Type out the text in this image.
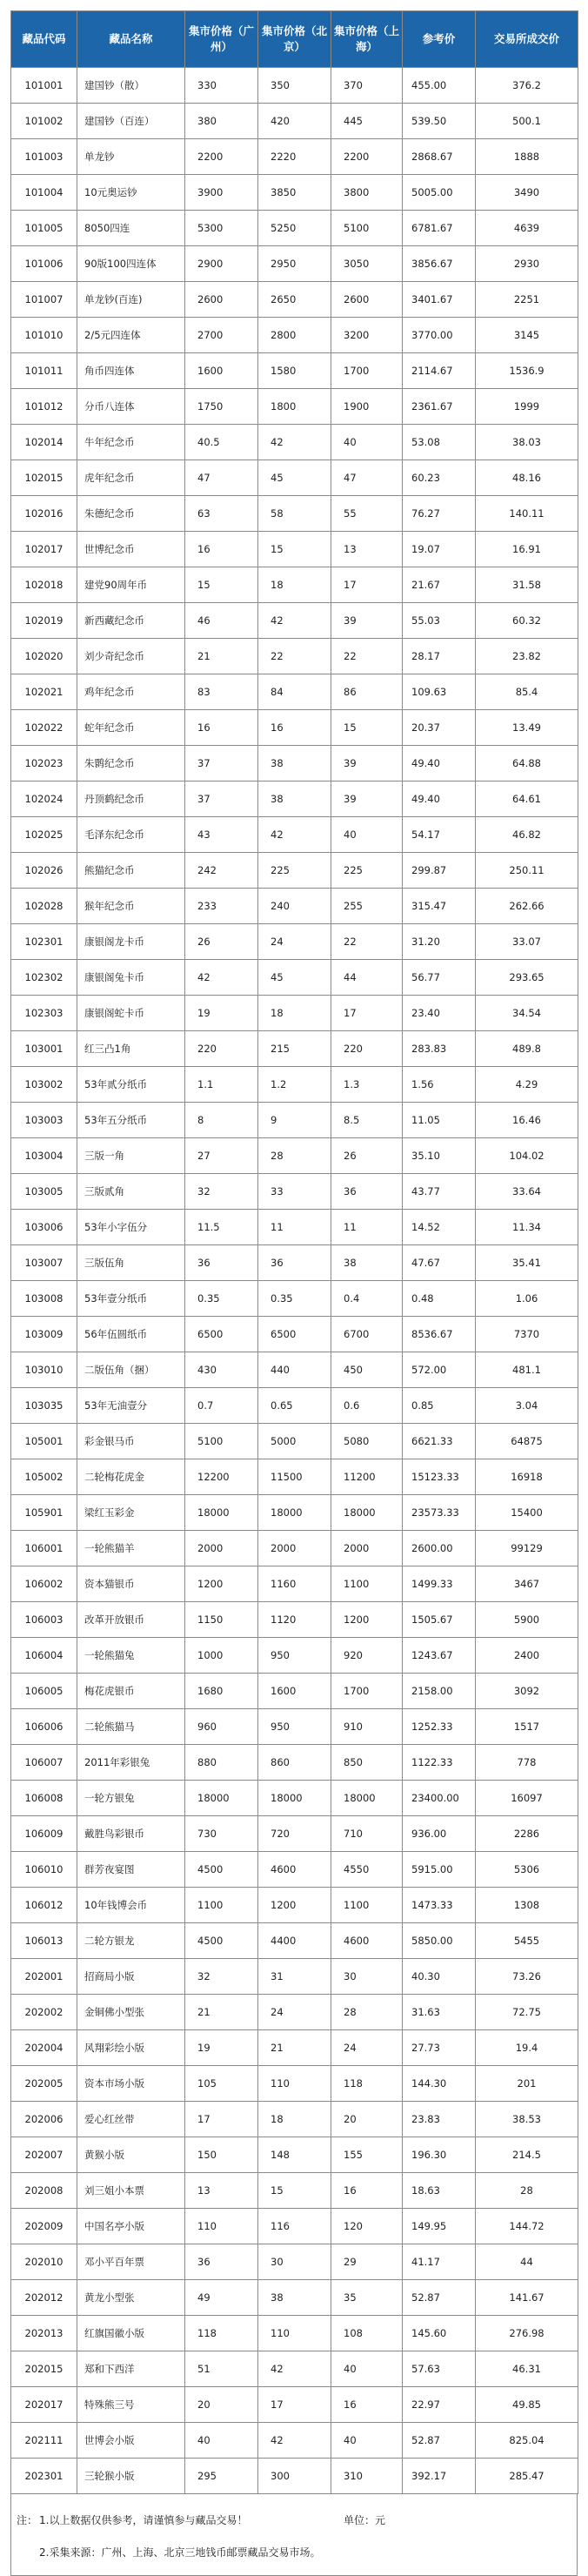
藏品代码	藏品名称	集市价格（广州）	集市价格（北京）	集市价格（上海）	参考价	交易所成交价
101001	建国钞（散）	330	350	370	455.00	376.2
101002	建国钞（百连）	380	420	445	539.50	500.1
101003	单龙钞	2200	2220	2200	2868.67	1888
101004	10元奥运钞	3900	3850	3800	5005.00	3490
101005	8050四连	5300	5250	5100	6781.67	4639
101006	90版100四连体	2900	2950	3050	3856.67	2930
101007	单龙钞(百连)	2600	2650	2600	3401.67	2251
101010	2/5元四连体	2700	2800	3200	3770.00	3145
101011	角币四连体	1600	1580	1700	2114.67	1536.9
101012	分币八连体	1750	1800	1900	2361.67	1999
102014	牛年纪念币	40.5	42	40	53.08	38.03
102015	虎年纪念币	47	45	47	60.23	48.16
102016	朱德纪念币	63	58	55	76.27	140.11
102017	世博纪念币	16	15	13	19.07	16.91
102018	建党90周年币	15	18	17	21.67	31.58
102019	新西藏纪念币	46	42	39	55.03	60.32
102020	刘少奇纪念币	21	22	22	28.17	23.82
102021	鸡年纪念币	83	84	86	109.63	85.4
102022	蛇年纪念币	16	16	15	20.37	13.49
102023	朱鹮纪念币	37	38	39	49.40	64.88
102024	丹顶鹤纪念币	37	38	39	49.40	64.61
102025	毛泽东纪念币	43	42	40	54.17	46.82
102026	熊猫纪念币	242	225	225	299.87	250.11
102028	猴年纪念币	233	240	255	315.47	262.66
102301	康银阁龙卡币	26	24	22	31.20	33.07
102302	康银阁兔卡币	42	45	44	56.77	293.65
102303	康银阁蛇卡币	19	18	17	23.40	34.54
103001	红三凸1角	220	215	220	283.83	489.8
103002	53年贰分纸币	1.1	1.2	1.3	1.56	4.29
103003	53年五分纸币	8	9	8.5	11.05	16.46
103004	三版一角	27	28	26	35.10	104.02
103005	三版贰角	32	33	36	43.77	33.64
103006	53年小字伍分	11.5	11	11	14.52	11.34
103007	三版伍角	36	36	38	47.67	35.41
103008	53年壹分纸币	0.35	0.35	0.4	0.48	1.06
103009	56年伍圆纸币	6500	6500	6700	8536.67	7370
103010	二版伍角（捆）	430	440	450	572.00	481.1
103035	53年无油壹分	0.7	0.65	0.6	0.85	3.04
105001	彩金银马币	5100	5000	5080	6621.33	64875
105002	二轮梅花虎金	12200	11500	11200	15123.33	16918
105901	梁红玉彩金	18000	18000	18000	23573.33	15400
106001	一轮熊猫羊	2000	2000	2000	2600.00	99129
106002	资本猫银币	1200	1160	1100	1499.33	3467
106003	改革开放银币	1150	1120	1200	1505.67	5900
106004	一轮熊猫兔	1000	950	920	1243.67	2400
106005	梅花虎银币	1680	1600	1700	2158.00	3092
106006	二轮熊猫马	960	950	910	1252.33	1517
106007	2011年彩银兔	880	860	850	1122.33	778
106008	一轮方银兔	18000	18000	18000	23400.00	16097
106009	戴胜鸟彩银币	730	720	710	936.00	2286
106010	群芳夜宴图	4500	4600	4550	5915.00	5306
106012	10年钱博会币	1100	1200	1100	1473.33	1308
106013	二轮方银龙	4500	4400	4600	5850.00	5455
202001	招商局小版	32	31	30	40.30	73.26
202002	金铜佛小型张	21	24	28	31.63	72.75
202004	风翔彩绘小版	19	21	24	27.73	19.4
202005	资本市场小版	105	110	118	144.30	201
202006	爱心红丝带	17	18	20	23.83	38.53
202007	黄猴小版	150	148	155	196.30	214.5
202008	刘三姐小本票	13	15	16	18.63	28
202009	中国名亭小版	110	116	120	149.95	144.72
202010	邓小平百年票	36	30	29	41.17	44
202012	黄龙小型张	49	38	35	52.87	141.67
202013	红旗国徽小版	118	110	108	145.60	276.98
202015	郑和下西洋	51	42	40	57.63	46.31
202017	特殊熊三号	20	17	16	22.97	49.85
202111	世博会小版	40	42	40	52.87	825.04
202301	三轮猴小版	295	300	310	392.17	285.47
注： 1.以上数据仅供参考，请谨慎参与藏品交易！	单位：元
2.采集来源：广州、上海、北京三地钱币邮票藏品交易市场。
